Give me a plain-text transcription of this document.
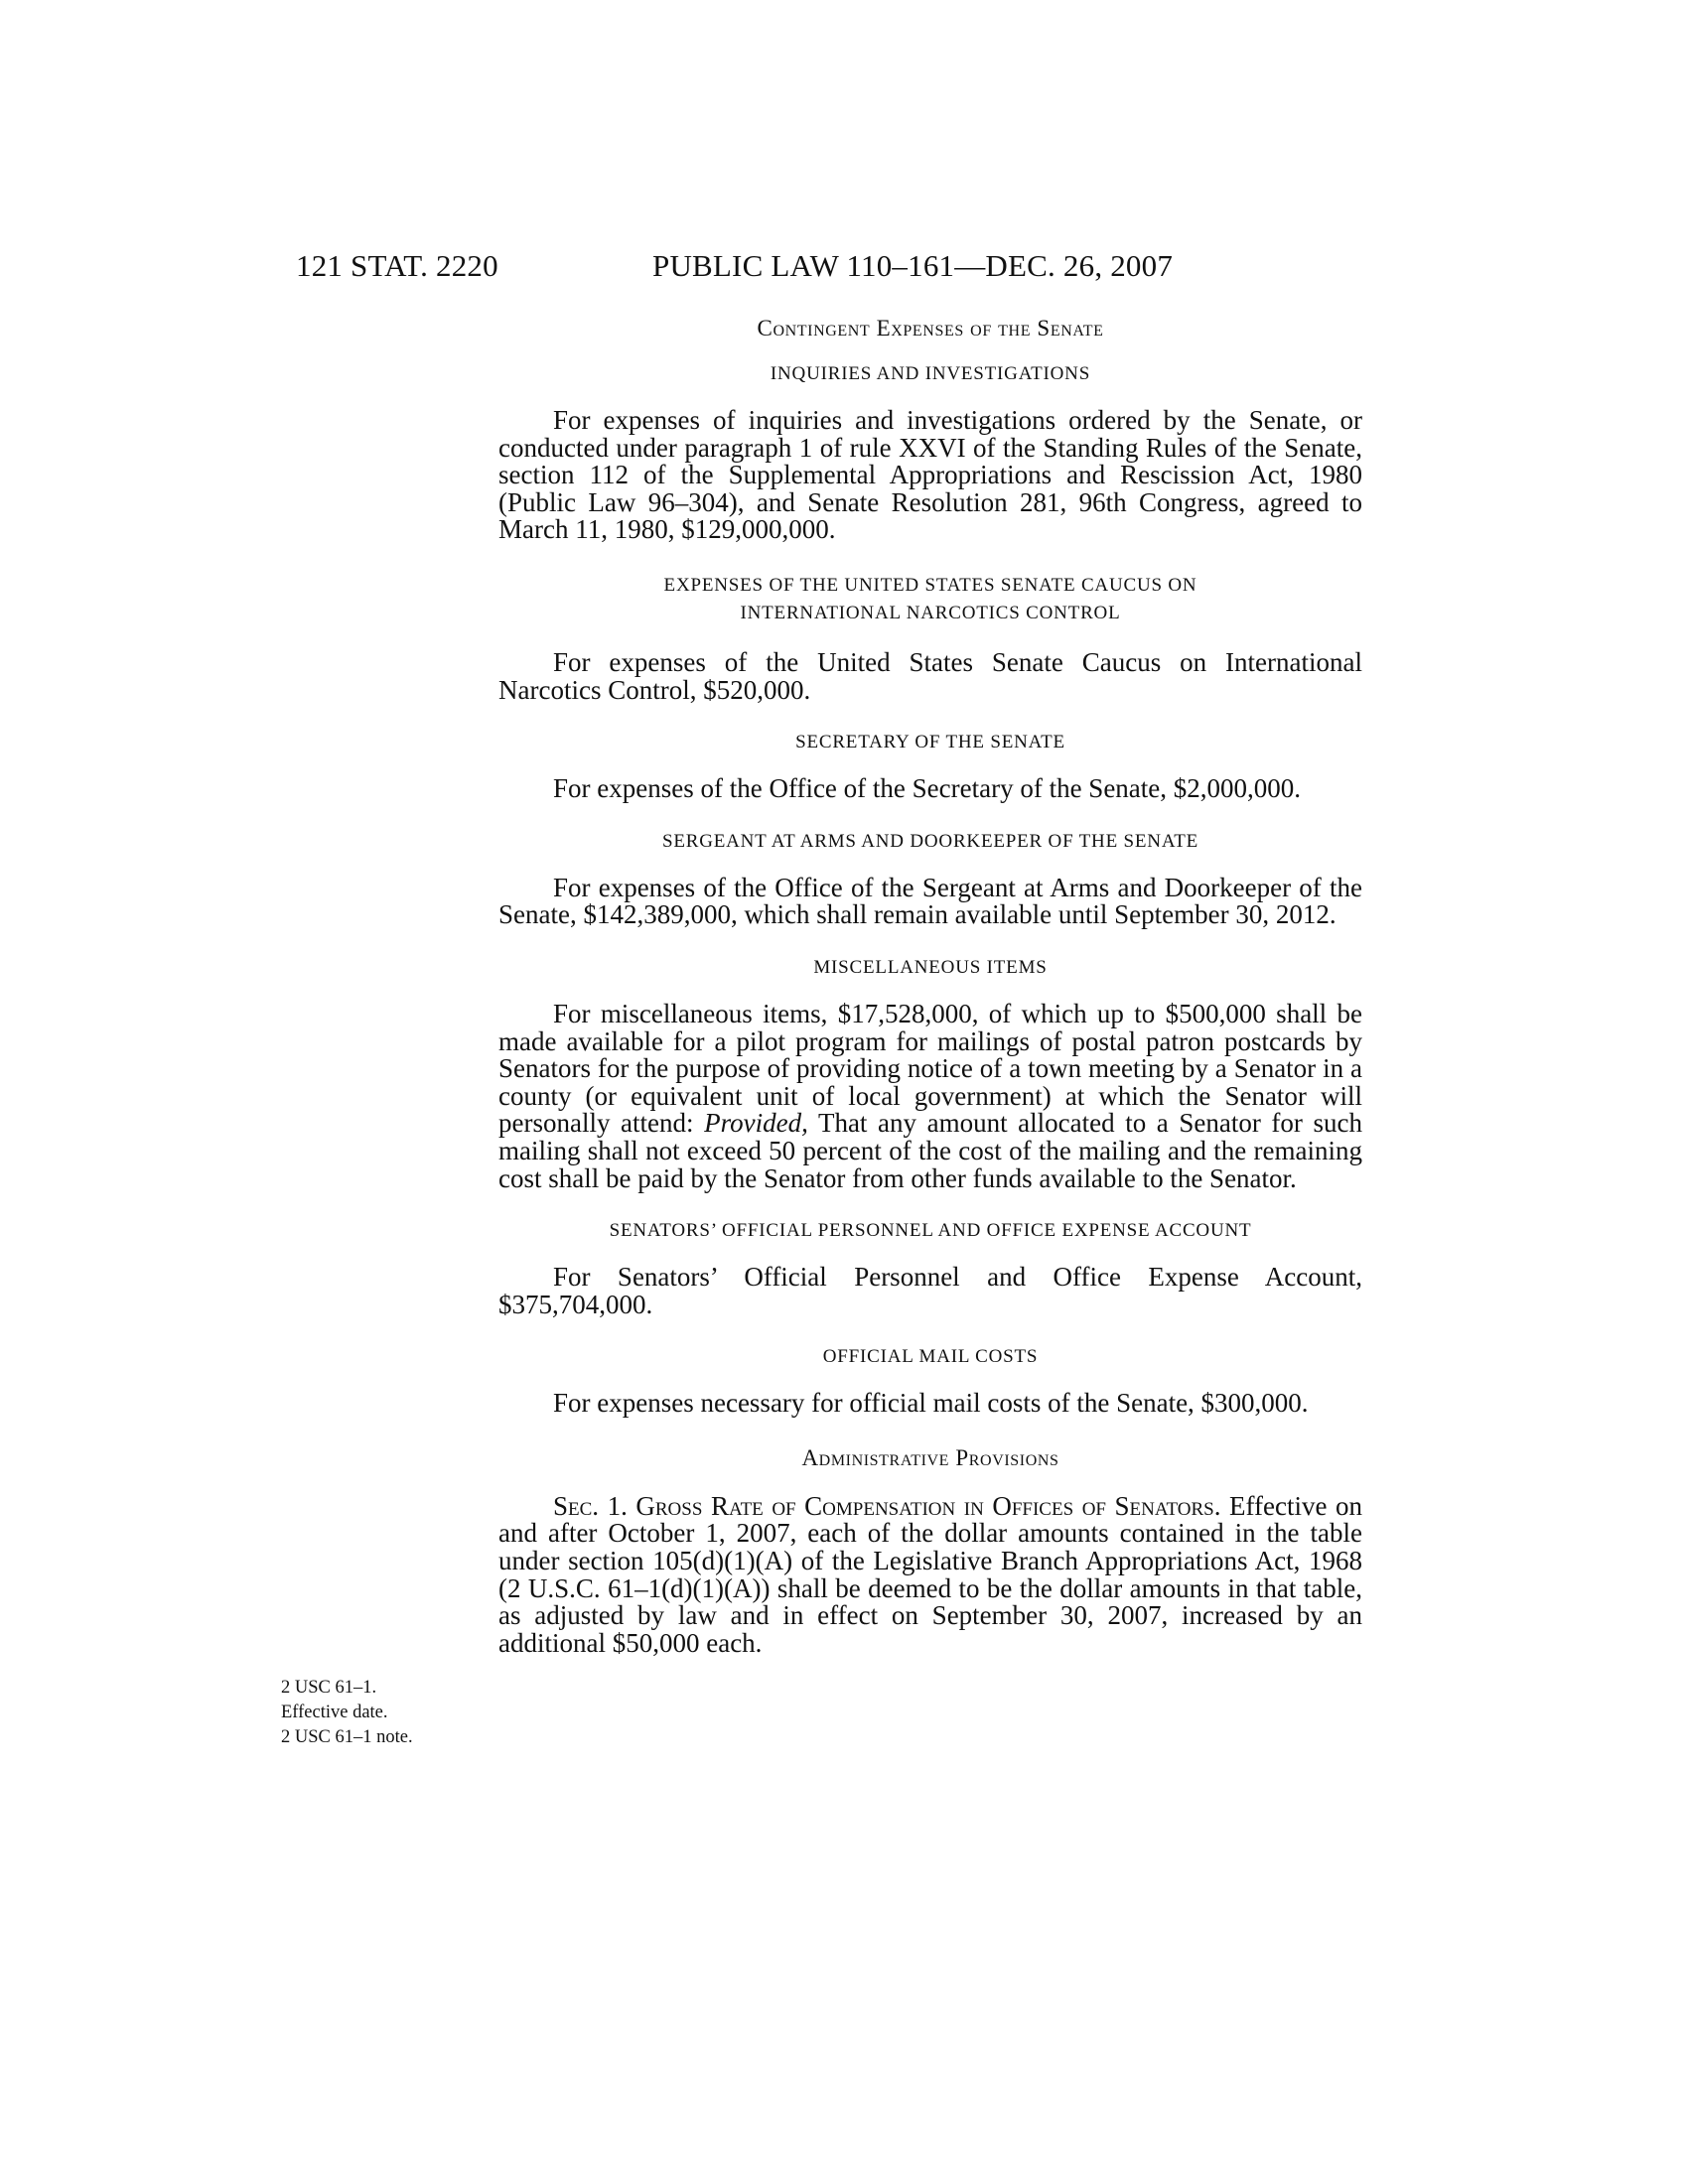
121 STAT. 2220	PUBLIC LAW 110–161—DEC. 26, 2007
Contingent Expenses of the Senate
INQUIRIES AND INVESTIGATIONS

For expenses of inquiries and investigations ordered by the Senate, or conducted under paragraph 1 of rule XXVI of the Standing Rules of the Senate, section 112 of the Supplemental Appropriations and Rescission Act, 1980 (Public Law 96–304), and Senate Resolution 281, 96th Congress, agreed to March 11, 1980, $129,000,000.

EXPENSES OF THE UNITED STATES SENATE CAUCUS ON
INTERNATIONAL NARCOTICS CONTROL

For expenses of the United States Senate Caucus on International Narcotics Control, $520,000.

SECRETARY OF THE SENATE

For expenses of the Office of the Secretary of the Senate, $2,000,000.

SERGEANT AT ARMS AND DOORKEEPER OF THE SENATE

For expenses of the Office of the Sergeant at Arms and Doorkeeper of the Senate, $142,389,000, which shall remain available until September 30, 2012.

MISCELLANEOUS ITEMS

For miscellaneous items, $17,528,000, of which up to $500,000 shall be made available for a pilot program for mailings of postal patron postcards by Senators for the purpose of providing notice of a town meeting by a Senator in a county (or equivalent unit of local government) at which the Senator will personally attend: Provided, That any amount allocated to a Senator for such mailing shall not exceed 50 percent of the cost of the mailing and the remaining cost shall be paid by the Senator from other funds available to the Senator.

SENATORS’ OFFICIAL PERSONNEL AND OFFICE EXPENSE ACCOUNT

For Senators’ Official Personnel and Office Expense Account, $375,704,000.

OFFICIAL MAIL COSTS

For expenses necessary for official mail costs of the Senate, $300,000.

Administrative Provisions

Sec. 1. Gross Rate of Compensation in Offices of Senators. Effective on and after October 1, 2007, each of the dollar amounts contained in the table under section 105(d)(1)(A) of the Legislative Branch Appropriations Act, 1968 (2 U.S.C. 61–1(d)(1)(A)) shall be deemed to be the dollar amounts in that table, as adjusted by law and in effect on September 30, 2007, increased by an additional $50,000 each.

2 USC 61–1.
Effective date.
2 USC 61–1 note.
